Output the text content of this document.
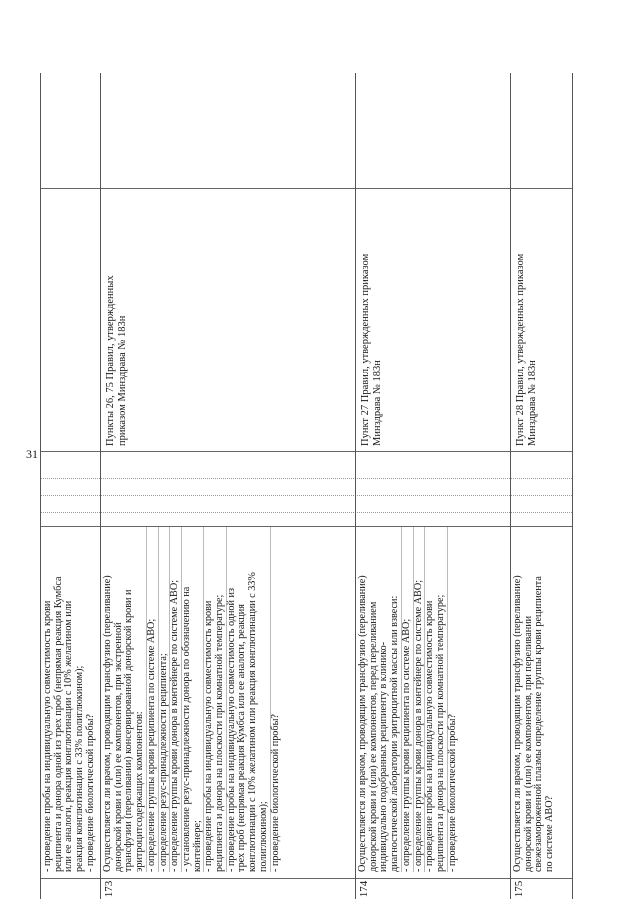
31
- проведение пробы на индивидуальную совместимость крови реципиента и донора одной из трех проб (непрямая реакция Кумбса или ее аналоги, реакция конглютинации с 10% желатином или реакция конглютинации с 33% полиглюкином); - проведение биологической пробы?
173
Осуществляется ли врачом, проводящим трансфузию (переливание) донорской крови и (или) ее компонентов, при экстренной трансфузии (переливании) консервированной донорской крови и эритроцитсодержащих компонентов: - определение группы крови реципиента по системе АВО; - определение резус-принадлежности реципиента; - определение группы крови донора в контейнере по системе АВО; - установление резус-принадлежности донора по обозначению на контейнере; - проведение пробы на индивидуальную совместимость крови реципиента и донора на плоскости при комнатной температуре; - проведение пробы на индивидуальную совместимость одной из трех проб (непрямая реакция Кумбса или ее аналоги, реакция конглютинации с 10% желатином или реакция конглютинации с 33% полиглюкином); - проведение биологической пробы?
Пункты 26, 75 Правил, утвержденных приказом Минздрава № 183н
174
Осуществляется ли врачом, проводящим трансфузию (переливание) донорской крови и (или) ее компонентов, перед переливанием индивидуально подобранных реципиенту в клинико- диагностической лаборатории эритроцитной массы или взвеси: - определение группы крови реципиента по системе АВО; - определение группы крови донора в контейнере по системе АВО; - проведение пробы на индивидуальную совместимость крови реципиента и донора на плоскости при комнатной температуре; - проведение биологической пробы?
Пункт 27 Правил, утвержденных приказом Минздрава № 183н
175
Осуществляется ли врачом, проводящим трансфузию (переливание) донорской крови и (или) ее компонентов, при переливании свежезамороженной плазмы определение группы крови реципиента по системе АВО?
Пункт 28 Правил, утвержденных приказом Минздрава № 183н
